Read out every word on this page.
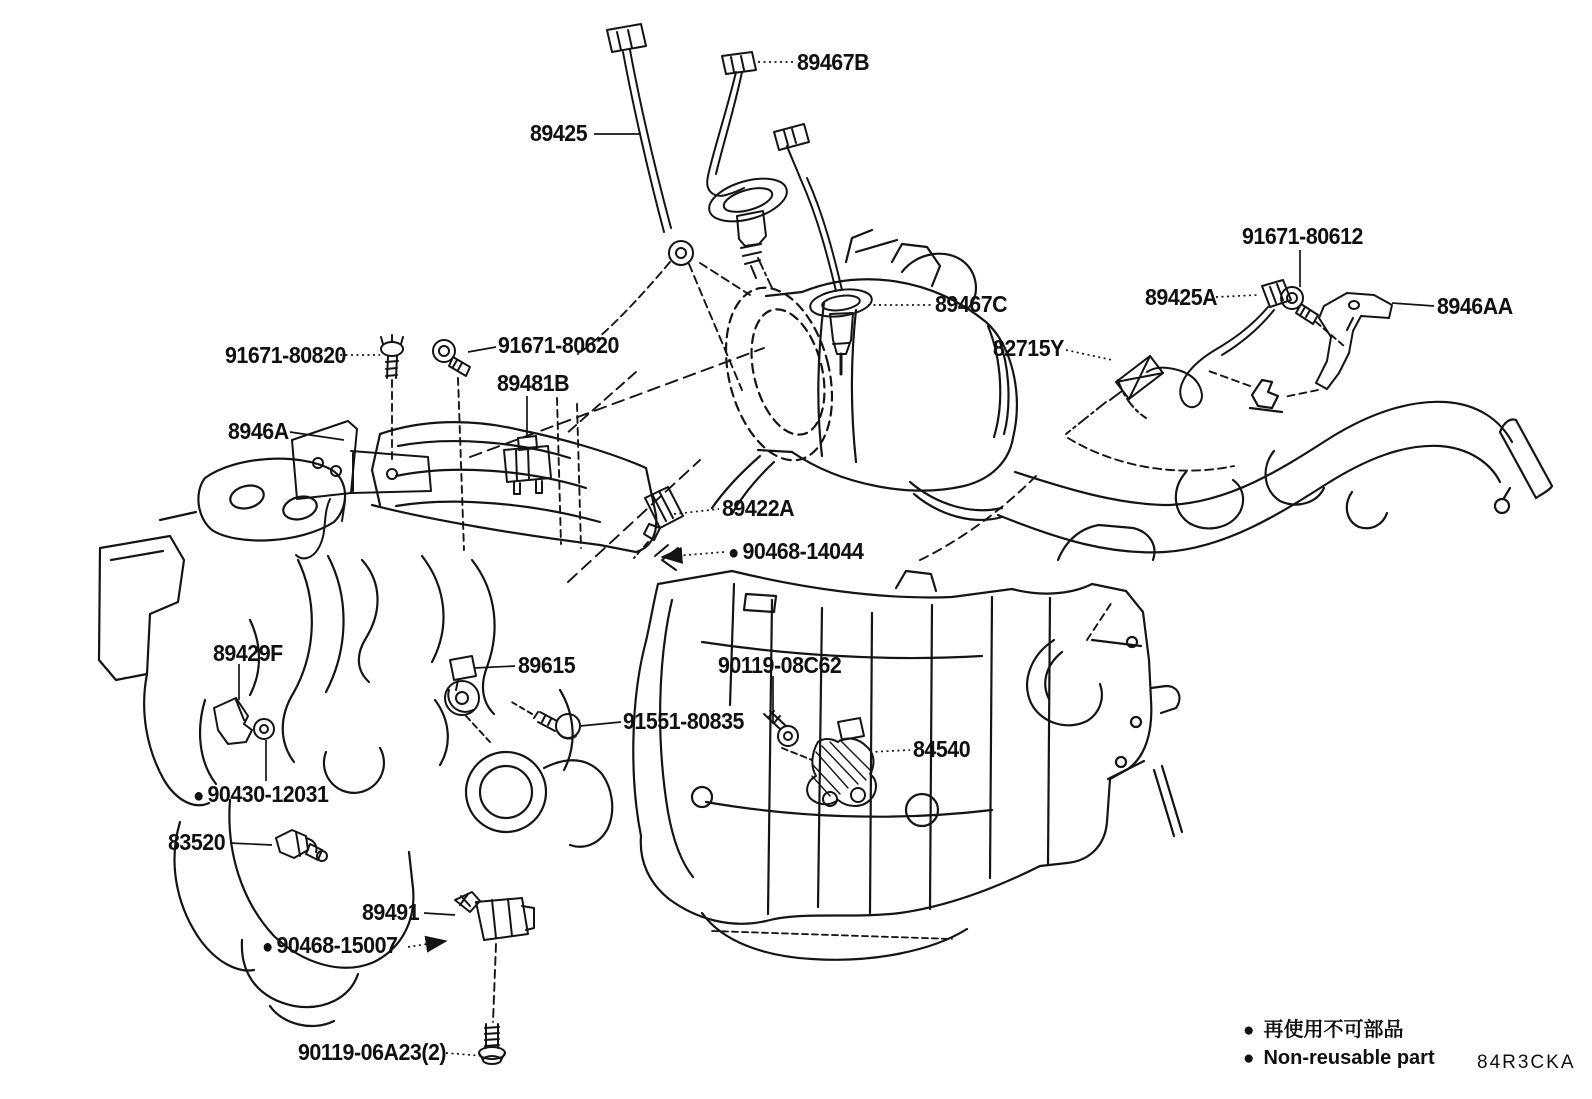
89467B
89425
91671-80612
89425A	8946AA
89467C
82715Y
91671-80820	91671-80620
89481B
8946A
89422A
● 90468-14044
89429F	89615	90119-08C62
91551-80835
84540
● 90430-12031
83520
89491
● 90468-15007
90119-06A23(2)
● 再使用不可部品
● Non-reusable part 84R3CKA
